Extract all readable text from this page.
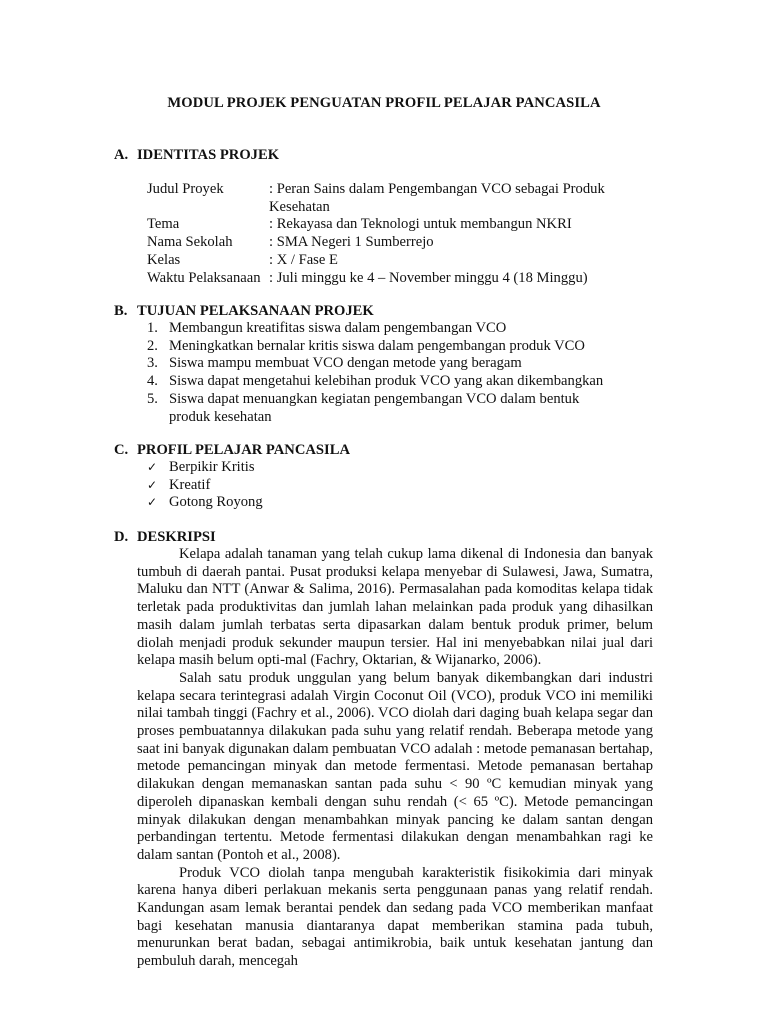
MODUL PROJEK PENGUATAN PROFIL PELAJAR PANCASILA
A. IDENTITAS PROJEK
Judul Proyek	: Peran Sains dalam Pengembangan VCO sebagai Produk
Kesehatan
Tema	: Rekayasa dan Teknologi untuk membangun NKRI
Nama Sekolah	: SMA Negeri 1 Sumberrejo
Kelas	: X / Fase E
Waktu Pelaksanaan : Juli minggu ke 4 – November minggu 4 (18 Minggu)
B. TUJUAN PELAKSANAAN PROJEK
1. Membangun kreatifitas siswa dalam pengembangan VCO
2. Meningkatkan bernalar kritis siswa dalam pengembangan produk VCO
3. Siswa mampu membuat VCO dengan metode yang beragam
4. Siswa dapat mengetahui kelebihan produk VCO yang akan dikembangkan
5. Siswa dapat menuangkan kegiatan pengembangan VCO dalam bentuk produk kesehatan
C. PROFIL PELAJAR PANCASILA
✓ Berpikir Kritis
✓ Kreatif
✓ Gotong Royong
D. DESKRIPSI

Kelapa adalah tanaman yang telah cukup lama dikenal di Indonesia dan banyak tumbuh di daerah pantai. Pusat produksi kelapa menyebar di Sulawesi, Jawa, Sumatra, Maluku dan NTT (Anwar & Salima, 2016). Permasalahan pada komoditas kelapa tidak terletak pada produktivitas dan jumlah lahan melainkan pada produk yang dihasilkan masih dalam jumlah terbatas serta dipasarkan dalam bentuk produk primer, belum diolah menjadi produk sekunder maupun tersier. Hal ini menyebabkan nilai jual dari kelapa masih belum opti-mal (Fachry, Oktarian, & Wijanarko, 2006).

Salah satu produk unggulan yang belum banyak dikembangkan dari industri kelapa secara terintegrasi adalah Virgin Coconut Oil (VCO), produk VCO ini memiliki nilai tambah tinggi (Fachry et al., 2006). VCO diolah dari daging buah kelapa segar dan proses pembuatannya dilakukan pada suhu yang relatif rendah. Beberapa metode yang saat ini banyak digunakan dalam pembuatan VCO adalah : metode pemanasan bertahap, metode pemancingan minyak dan metode fermentasi. Metode pemanasan bertahap dilakukan dengan memanaskan santan pada suhu < 90 ºC kemudian minyak yang diperoleh dipanaskan kembali dengan suhu rendah (< 65 ºC). Metode pemancingan minyak dilakukan dengan menambahkan minyak pancing ke dalam santan dengan perbandingan tertentu. Metode fermentasi dilakukan dengan menambahkan ragi ke dalam santan (Pontoh et al., 2008).

Produk VCO diolah tanpa mengubah karakteristik fisikokimia dari minyak karena hanya diberi perlakuan mekanis serta penggunaan panas yang relatif rendah. Kandungan asam lemak berantai pendek dan sedang pada VCO memberikan manfaat bagi kesehatan manusia diantaranya dapat memberikan stamina pada tubuh, menurunkan berat badan, sebagai antimikrobia, baik untuk kesehatan jantung dan pembuluh darah, mencegah
